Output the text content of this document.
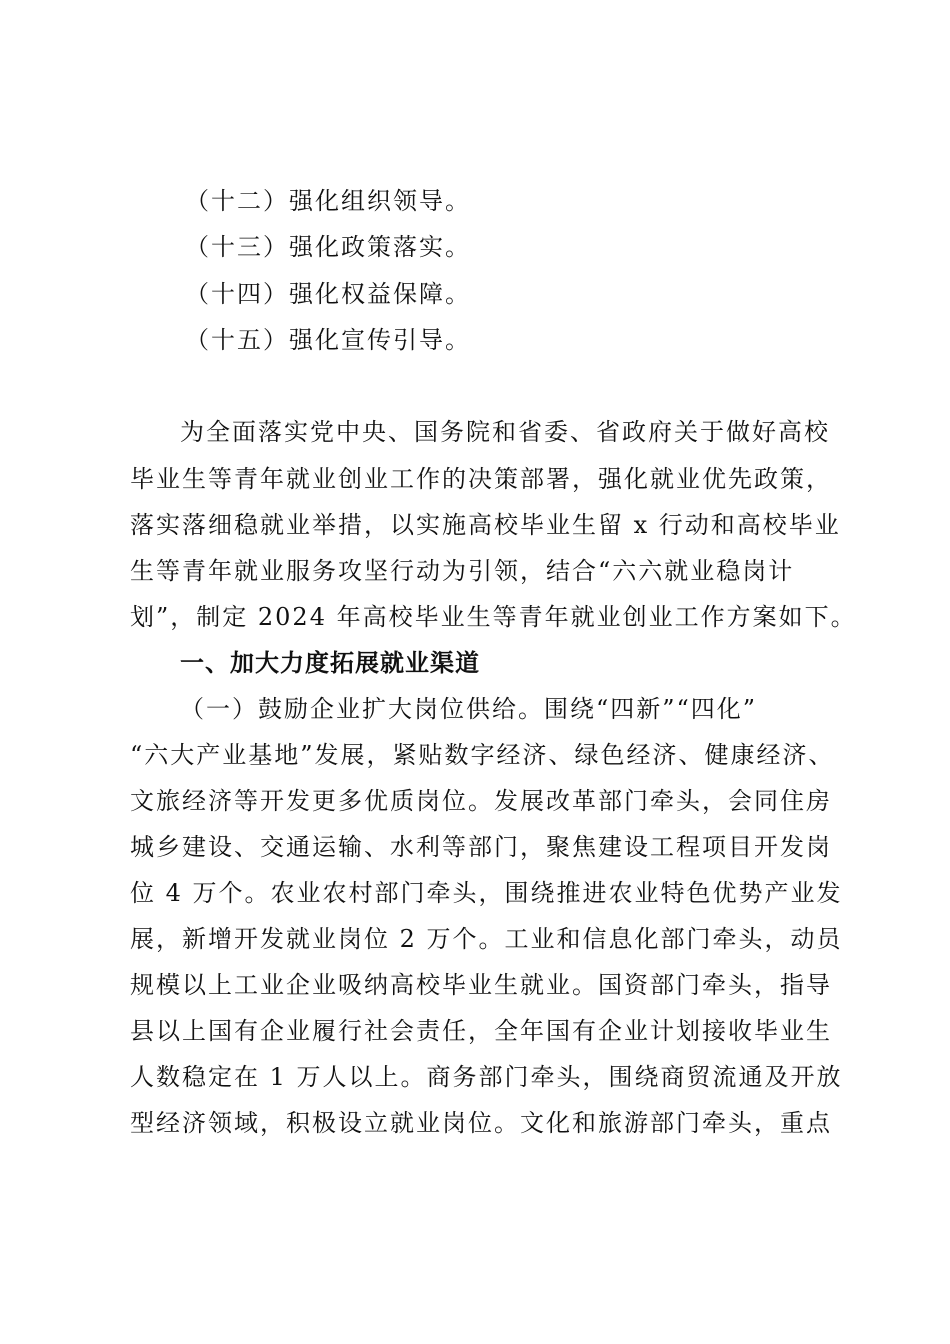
（十二）强化组织领导。
（十三）强化政策落实。
（十四）强化权益保障。
（十五）强化宣传引导。
为全面落实党中央、国务院和省委、省政府关于做好高校
毕业生等青年就业创业工作的决策部署，强化就业优先政策，
落实落细稳就业举措，以实施高校毕业生留 x 行动和高校毕业
生等青年就业服务攻坚行动为引领，结合“六六就业稳岗计
划”，制定 2024 年高校毕业生等青年就业创业工作方案如下。
一、加大力度拓展就业渠道
（一）鼓励企业扩大岗位供给。围绕“四新”“四化”
“六大产业基地”发展，紧贴数字经济、绿色经济、健康经济、
文旅经济等开发更多优质岗位。发展改革部门牵头，会同住房
城乡建设、交通运输、水利等部门，聚焦建设工程项目开发岗
位 4 万个。农业农村部门牵头，围绕推进农业特色优势产业发
展，新增开发就业岗位 2 万个。工业和信息化部门牵头，动员
规模以上工业企业吸纳高校毕业生就业。国资部门牵头，指导
县以上国有企业履行社会责任，全年国有企业计划接收毕业生
人数稳定在 1 万人以上。商务部门牵头，围绕商贸流通及开放
型经济领域，积极设立就业岗位。文化和旅游部门牵头，重点
